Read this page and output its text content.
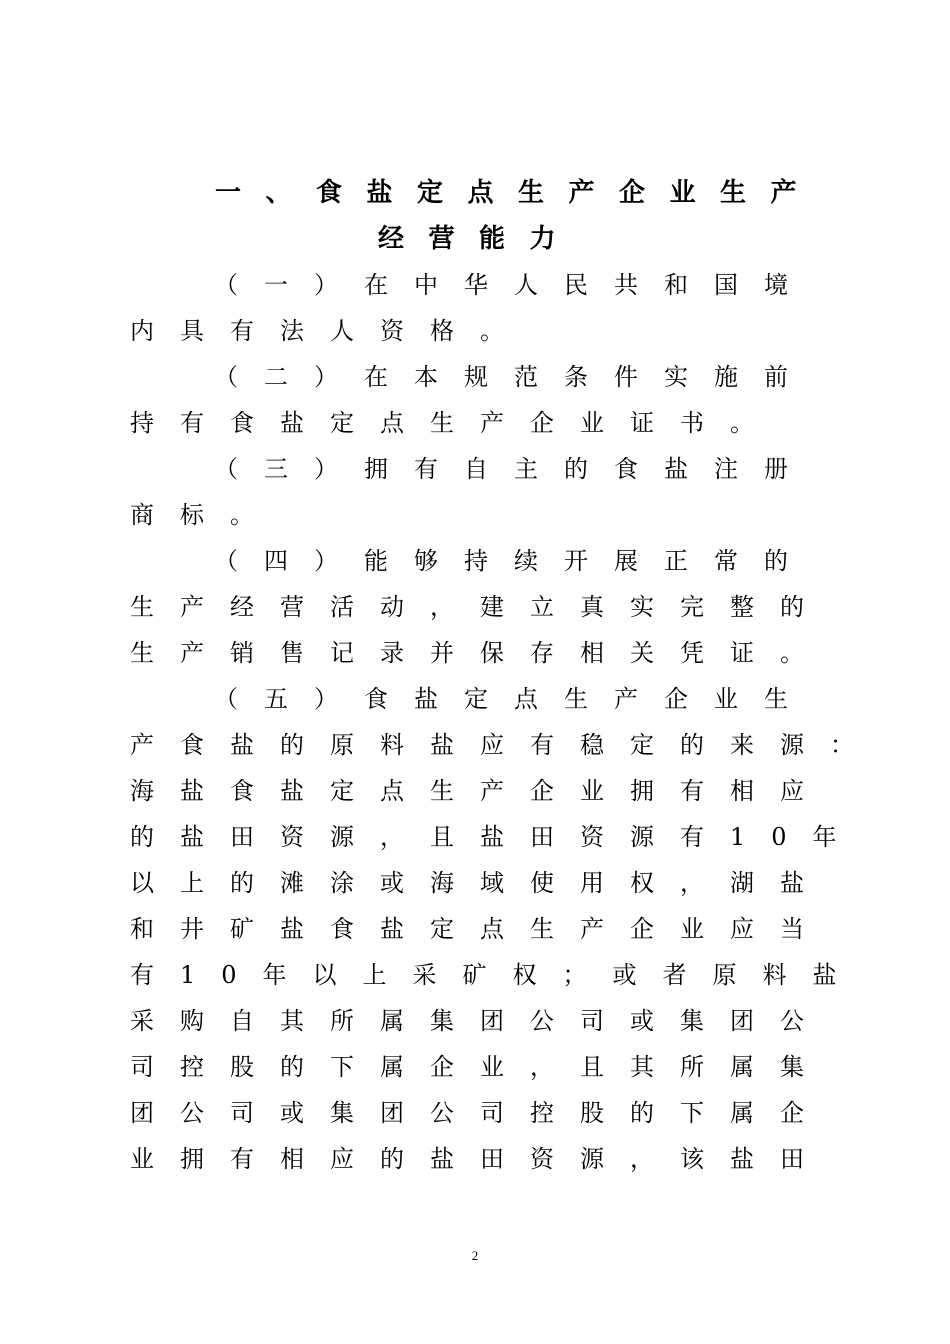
一、食盐定点生产企业生产
经营能力
（一）在中华人民共和国境
内具有法人资格。
（二）在本规范条件实施前
持有食盐定点生产企业证书。
（三）拥有自主的食盐注册
商标。
（四）能够持续开展正常的
生产经营活动，建立真实完整的
生产销售记录并保存相关凭证。
（五）食盐定点生产企业生
产食盐的原料盐应有稳定的来源：
海盐食盐定点生产企业拥有相应
的盐田资源，且盐田资源有10年
以上的滩涂或海域使用权，湖盐
和井矿盐食盐定点生产企业应当
有10年以上采矿权；或者原料盐
采购自其所属集团公司或集团公
司控股的下属企业，且其所属集
团公司或集团公司控股的下属企
业拥有相应的盐田资源，该盐田
2
